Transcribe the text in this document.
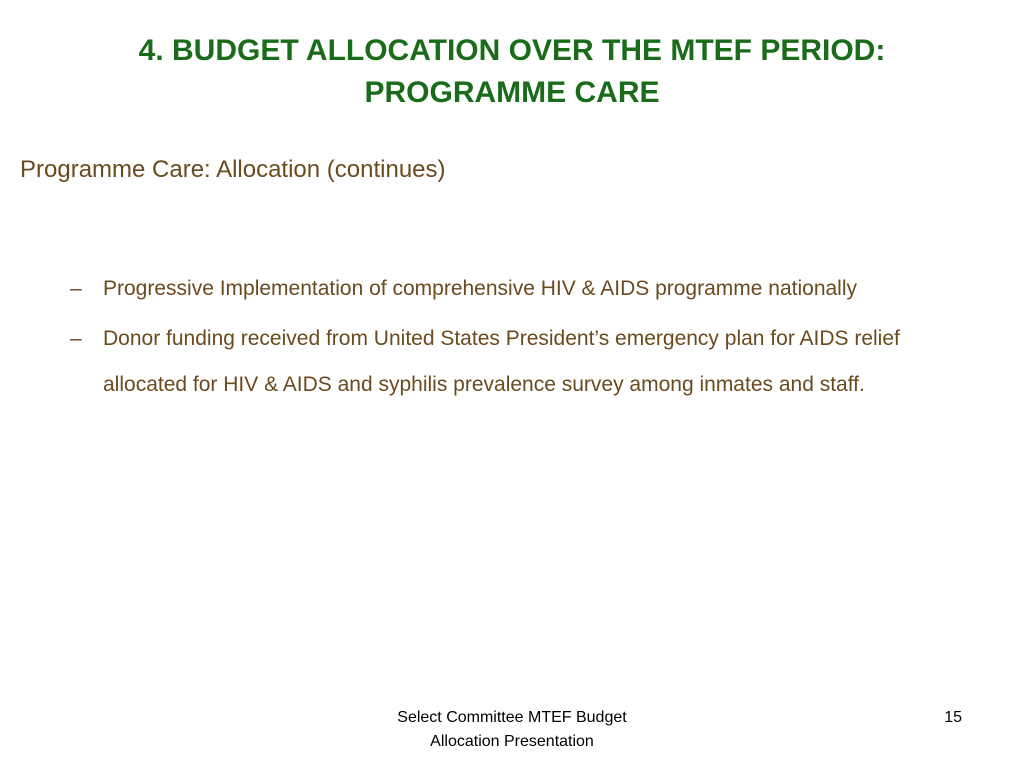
4. BUDGET ALLOCATION OVER THE MTEF PERIOD:
PROGRAMME CARE
Programme Care: Allocation (continues)
– Progressive Implementation of comprehensive HIV & AIDS programme nationally
– Donor funding received from United States President’s emergency plan for AIDS relief allocated for HIV & AIDS and syphilis prevalence survey among inmates and staff.
Select Committee MTEF Budget
Allocation Presentation
15
